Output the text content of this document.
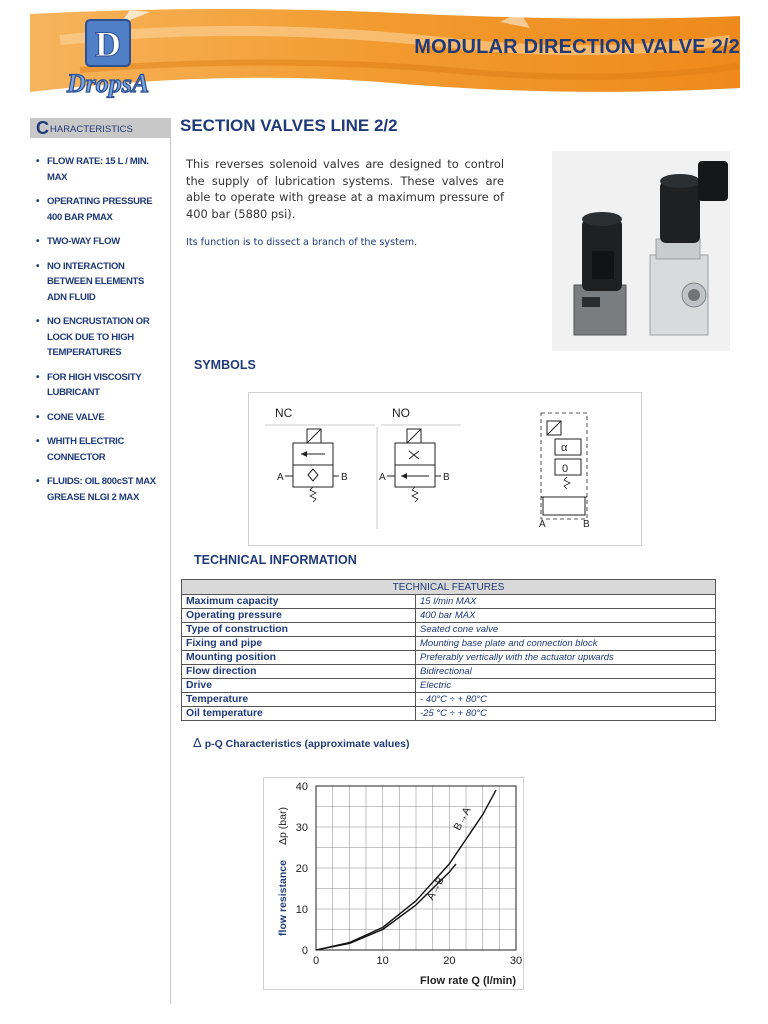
D
DropsA
MODULAR DIRECTION VALVE 2/2
C HARACTERISTICS
• FLOW RATE: 15 L / MIN. MAX
• OPERATING PRESSURE 400 BAR PMAX
• TWO-WAY FLOW
• NO INTERACTION BETWEEN ELEMENTS ADN FLUID
• NO ENCRUSTATION OR LOCK DUE TO HIGH TEMPERATURES
• FOR HIGH VISCOSITY LUBRICANT
• CONE VALVE
• WHITH ELECTRIC CONNECTOR
• FLUIDS: OIL 800cST MAX GREASE NLGI 2 MAX
SECTION VALVES LINE 2/2

This reverses solenoid valves are designed to control the supply of lubrication systems. These valves are able to operate with grease at a maximum pressure of 400 bar (5880 psi).

Its function is to dissect a branch of the system.

SYMBOLS
NC
A	B
NO
A	B
α
0
A	B
TECHNICAL INFORMATION
TECHNICAL FEATURES	
Maximum capacity	15 l/min MAX
Operating pressure	400 bar MAX
Type of construction	Seated cone valve
Fixing and pipe	Mounting base plate and connection block
Mounting position	Preferably vertically with the actuator upwards
Flow direction	Bidirectional
Drive	Electric
Temperature	- 40°C ÷ + 80°C
Oil temperature	-25 °C ÷ + 80°C
Δ p-Q Characteristics (approximate values)
0	10	20	30
0
10
20
30
40
Flow rate Q (l/min)
flow resistance
Δp (bar)	B→A
A→B
